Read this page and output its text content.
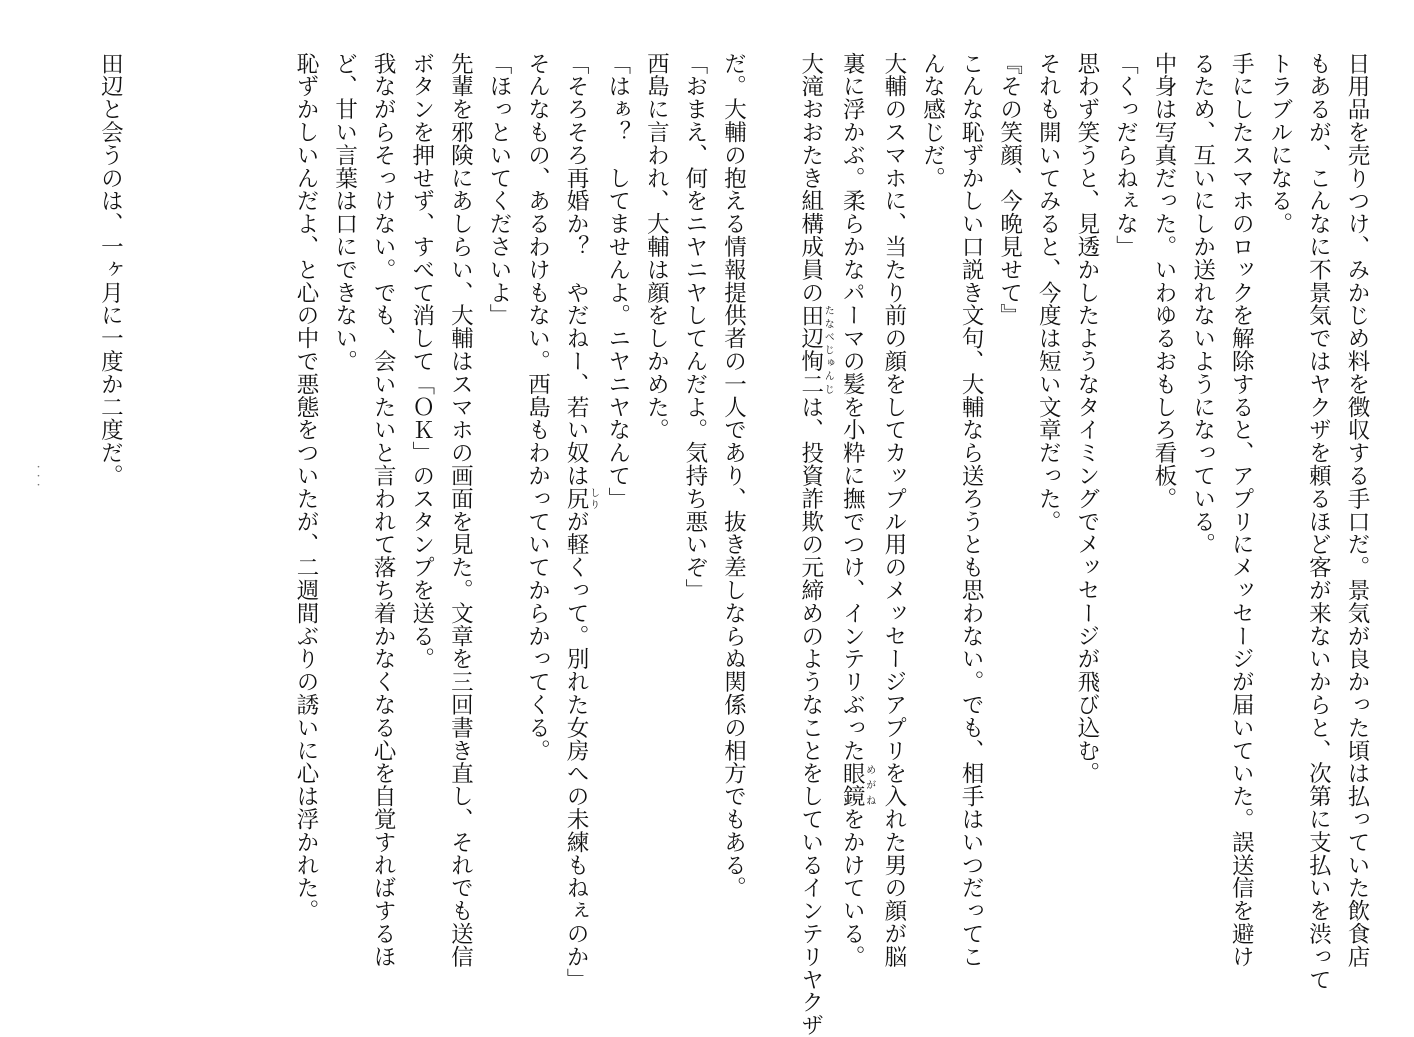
日用品を売りつけ、みかじめ料を徴収する手口だ。景気が良かった頃は払っていた飲食店
もあるが、こんなに不景気ではヤクザを頼るほど客が来ないからと、次第に支払いを渋って
トラブルになる。
手にしたスマホのロックを解除すると、アプリにメッセージが届いていた。誤送信を避け
るため、互いにしか送れないようになっている。
中身は写真だった。いわゆるおもしろ看板。
「くっだらねぇな」
思わず笑うと、見透かしたようなタイミングでメッセージが飛び込む。
それも開いてみると、今度は短い文章だった。
『その笑顔、今晩見せて』
こんな恥ずかしい口説き文句、大輔なら送ろうとも思わない。でも、相手はいつだってこ
んな感じだ。
大輔のスマホに、当たり前の顔をしてカップル用のメッセージアプリを入れた男の顔が脳
裏に浮かぶ。柔らかなパーマの髪を小粋に撫でつけ、インテリぶった眼鏡めがねをかけている。
大滝おおたき組構成員の田辺恂二たなべじゅんじは、投資詐欺の元締めのようなことをしているインテリヤクザ
だ。大輔の抱える情報提供者の一人であり、抜き差しならぬ関係の相方でもある。
「おまえ、何をニヤニヤしてんだよ。気持ち悪いぞ」
西島に言われ、大輔は顔をしかめた。
「はぁ？　してませんよ。ニヤニヤなんて」
「そろそろ再婚か？　やだねー、若い奴は尻しりが軽くって。別れた女房への未練もねぇのか」
そんなもの、あるわけもない。西島もわかっていてからかってくる。
「ほっといてくださいよ」
先輩を邪険にあしらい、大輔はスマホの画面を見た。文章を三回書き直し、それでも送信
ボタンを押せず、すべて消して「ＯＫ」のスタンプを送る。
我ながらそっけない。でも、会いたいと言われて落ち着かなくなる心を自覚すればするほ
ど、甘い言葉は口にできない。
恥ずかしいんだよ、と心の中で悪態をついたが、二週間ぶりの誘いに心は浮かれた。
田辺と会うのは、一ヶ月に一度か二度だ。
・・・
